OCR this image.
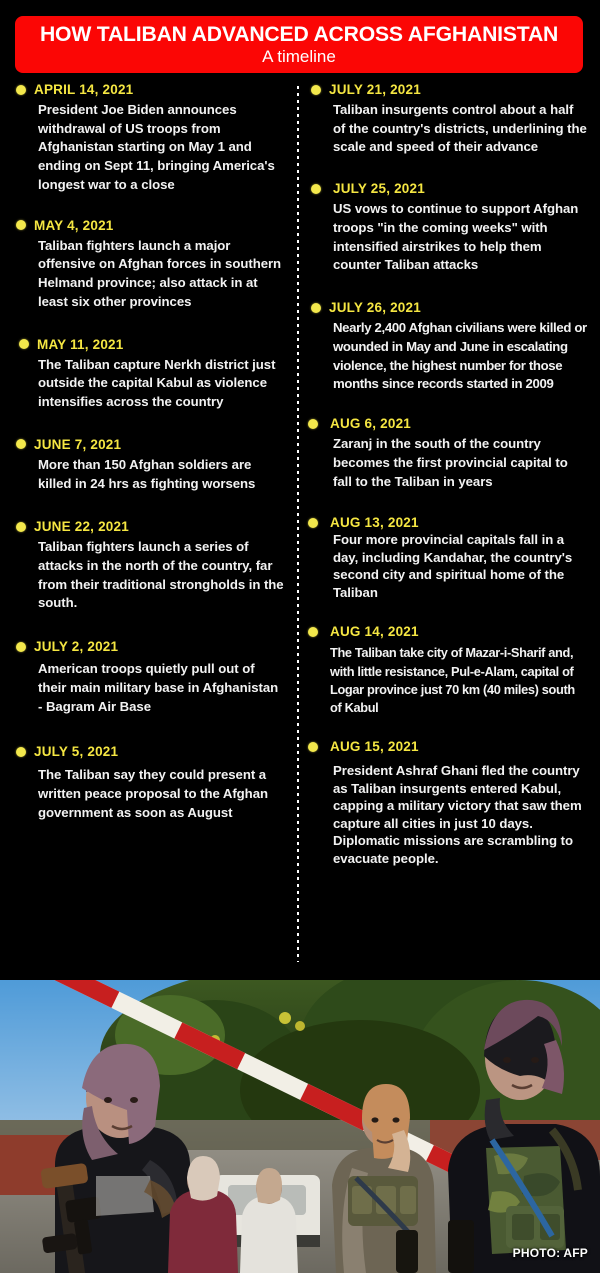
HOW TALIBAN ADVANCED ACROSS AFGHANISTAN
A timeline
APRIL 14, 2021
President Joe Biden announces withdrawal of US troops from Afghanistan starting on May 1 and ending on Sept 11, bringing America's longest war to a close
MAY 4, 2021
Taliban fighters launch a major offensive on Afghan forces in southern Helmand province; also attack in at least six other provinces
MAY 11, 2021
The Taliban capture Nerkh district just outside the capital Kabul as violence intensifies across the country
JUNE 7, 2021
More than 150 Afghan soldiers are killed in 24 hrs as fighting worsens
JUNE 22, 2021
Taliban fighters launch a series of attacks in the north of the country, far from their traditional strongholds in the south.
JULY 2, 2021
American troops quietly pull out of their main military base in Afghanistan - Bagram Air Base
JULY 5, 2021
The Taliban say they could present a written peace proposal to the Afghan government as soon as August
JULY 21, 2021
Taliban insurgents control about a half of the country's districts, underlining the scale and speed of their advance
JULY 25, 2021
US vows to continue to support Afghan troops "in the coming weeks" with intensified airstrikes to help them counter Taliban attacks
JULY 26, 2021
Nearly 2,400 Afghan civilians were killed or wounded in May and June in escalating violence, the highest number for those months since records started in 2009
AUG 6, 2021
Zaranj in the south of the country becomes the first provincial capital to fall to the Taliban in years
AUG 13, 2021
Four more provincial capitals fall in a day, including Kandahar, the country's second city and spiritual home of the Taliban
AUG 14, 2021
The Taliban take city of Mazar-i-Sharif and, with little resistance, Pul-e-Alam, capital of Logar province just 70 km (40 miles) south of Kabul
AUG 15, 2021
President Ashraf Ghani fled the country as Taliban insurgents entered Kabul, capping a military victory that saw them capture all cities in just 10 days. Diplomatic missions are scrambling to evacuate people.
PHOTO: AFP
